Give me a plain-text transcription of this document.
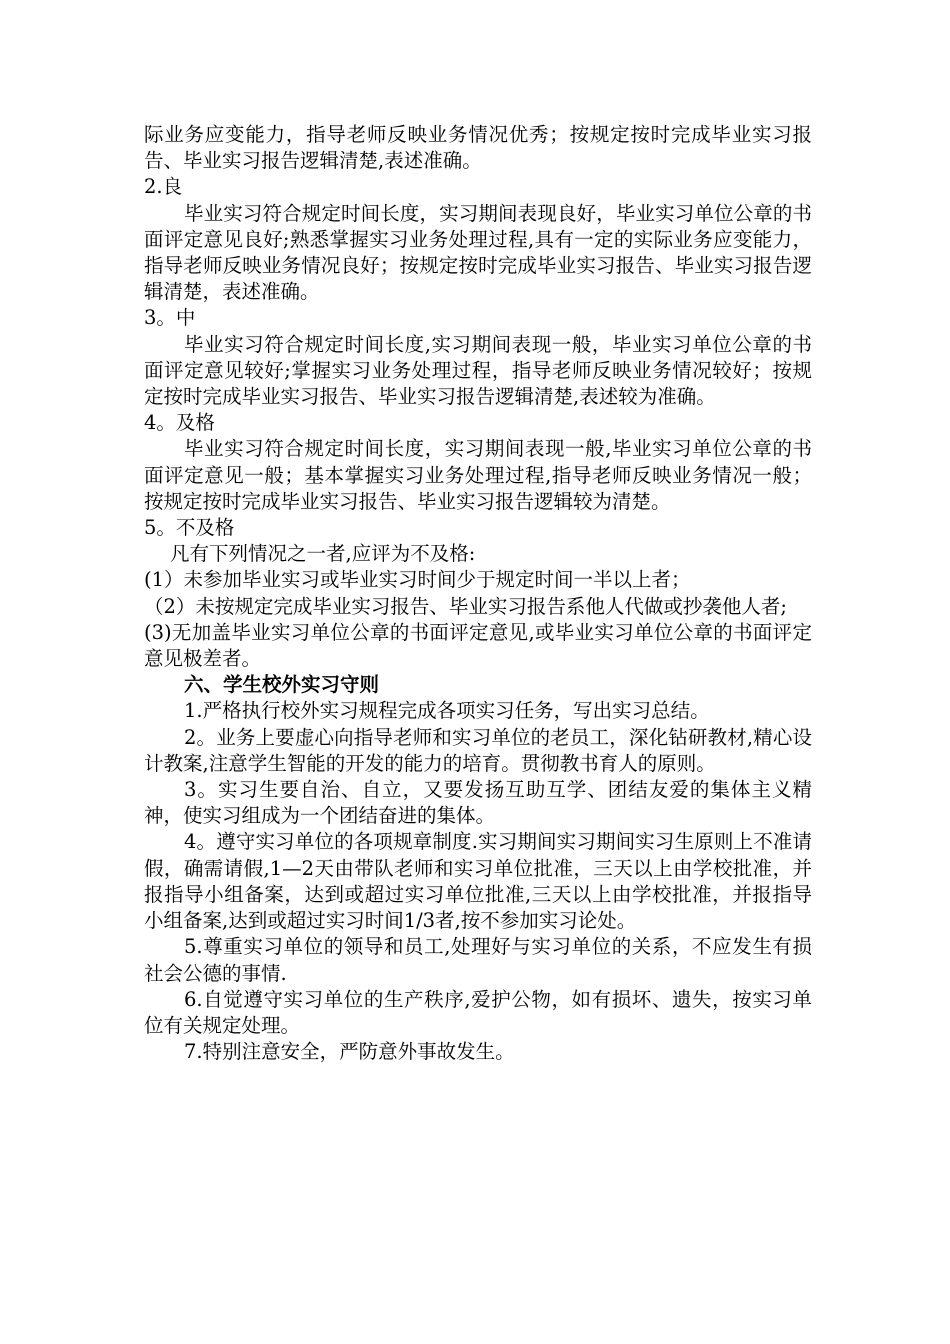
际业务应变能力，指导老师反映业务情况优秀；按规定按时完成毕业实习报告、毕业实习报告逻辑清楚,表述准确。

2.良

毕业实习符合规定时间长度，实习期间表现良好，毕业实习单位公章的书面评定意见良好;熟悉掌握实习业务处理过程,具有一定的实际业务应变能力，指导老师反映业务情况良好；按规定按时完成毕业实习报告、毕业实习报告逻辑清楚，表述准确。

3。中

毕业实习符合规定时间长度,实习期间表现一般，毕业实习单位公章的书面评定意见较好;掌握实习业务处理过程，指导老师反映业务情况较好；按规定按时完成毕业实习报告、毕业实习报告逻辑清楚,表述较为准确。

4。及格

毕业实习符合规定时间长度，实习期间表现一般,毕业实习单位公章的书面评定意见一般；基本掌握实习业务处理过程,指导老师反映业务情况一般；按规定按时完成毕业实习报告、毕业实习报告逻辑较为清楚。

5。不及格

凡有下列情况之一者,应评为不及格:

(1）未参加毕业实习或毕业实习时间少于规定时间一半以上者；

（2）未按规定完成毕业实习报告、毕业实习报告系他人代做或抄袭他人者;

(3)无加盖毕业实习单位公章的书面评定意见,或毕业实习单位公章的书面评定意见极差者。

六、学生校外实习守则

1.严格执行校外实习规程完成各项实习任务，写出实习总结。

2。业务上要虚心向指导老师和实习单位的老员工，深化钻研教材,精心设计教案,注意学生智能的开发的能力的培育。贯彻教书育人的原则。

3。实习生要自治、自立，又要发扬互助互学、团结友爱的集体主义精神，使实习组成为一个团结奋进的集体。

4。遵守实习单位的各项规章制度.实习期间实习期间实习生原则上不准请假，确需请假,1—2天由带队老师和实习单位批准，三天以上由学校批准，并报指导小组备案，达到或超过实习单位批准,三天以上由学校批准，并报指导小组备案,达到或超过实习时间1/3者,按不参加实习论处。

5.尊重实习单位的领导和员工,处理好与实习单位的关系，不应发生有损社会公德的事情.

6.自觉遵守实习单位的生产秩序,爱护公物，如有损坏、遗失，按实习单位有关规定处理。

7.特别注意安全，严防意外事故发生。
